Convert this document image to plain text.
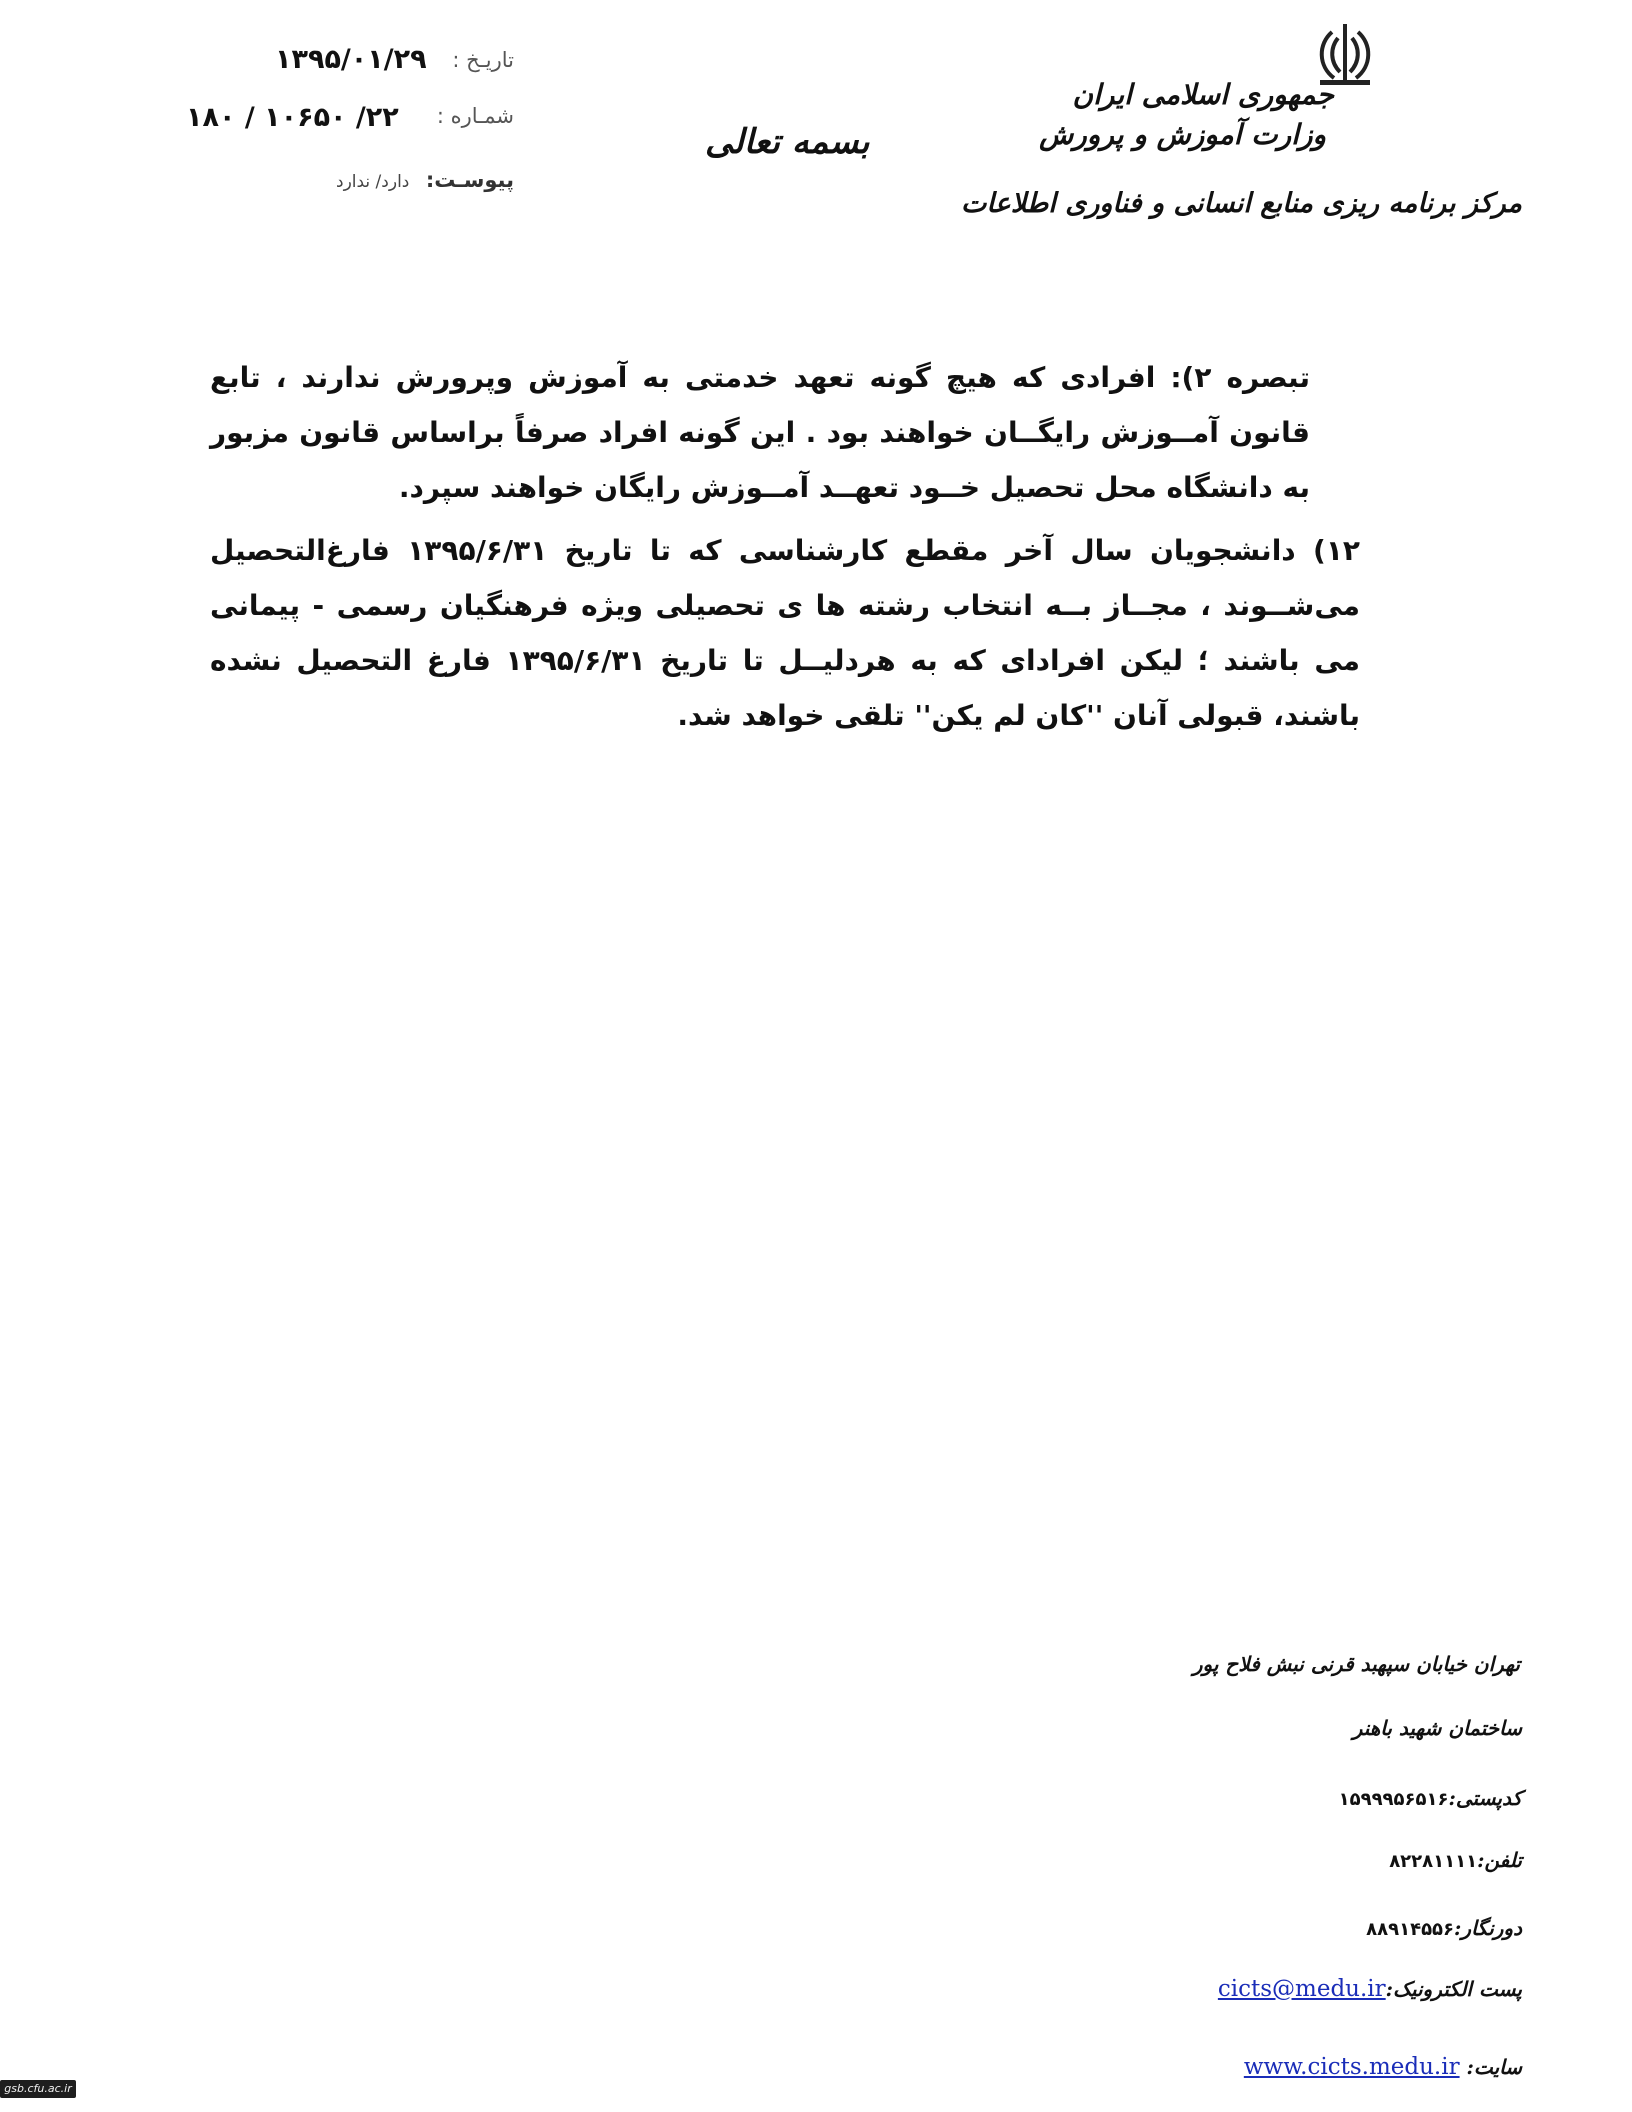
جمهوری اسلامی ایران
وزارت آموزش و پرورش
مرکز برنامه ریزی منابع انسانی و فناوری اطلاعات
بسمه تعالی
تاریـخ :
۱۳۹۵/۰۱/۲۹
شمـاره :
۲۲/ ۱۰۶۵۰ / ۱۸۰
پیوسـت:
دارد/ ندارد
تبصره ۲): افرادی که هیچ گونه تعهد خدمتی به آموزش وپرورش ندارند ، تابع قانون آمــوزش رایگــان خواهند بود . این گونه افراد صرفاً براساس قانون مزبور به دانشگاه محل تحصیل خــود تعهــد آمــوزش رایگان خواهند سپرد.
۱۲) دانشجویان سال آخر مقطع کارشناسی که تا تاریخ ۱۳۹۵/۶/۳۱ فارغ‌التحصیل می‌شــوند ، مجــاز بــه انتخاب رشته ها ی تحصیلی ویژه فرهنگیان رسمی - پیمانی می باشند ؛ لیکن افرادای که به هردلیــل تا تاریخ ۱۳۹۵/۶/۳۱ فارغ التحصیل نشده باشند، قبولی آنان ''کان لم یکن'' تلقی خواهد شد.
تهران خیابان سپهبد قرنی نبش فلاح پور
ساختمان شهید باهنر
کدپستی:۱۵۹۹۹۵۶۵۱۶
تلفن:۸۲۲۸۱۱۱۱
دورنگار:۸۸۹۱۴۵۵۶
پست الکترونیک:cicts@medu.ir
سایت: www.cicts.medu.ir
gsb.cfu.ac.ir
